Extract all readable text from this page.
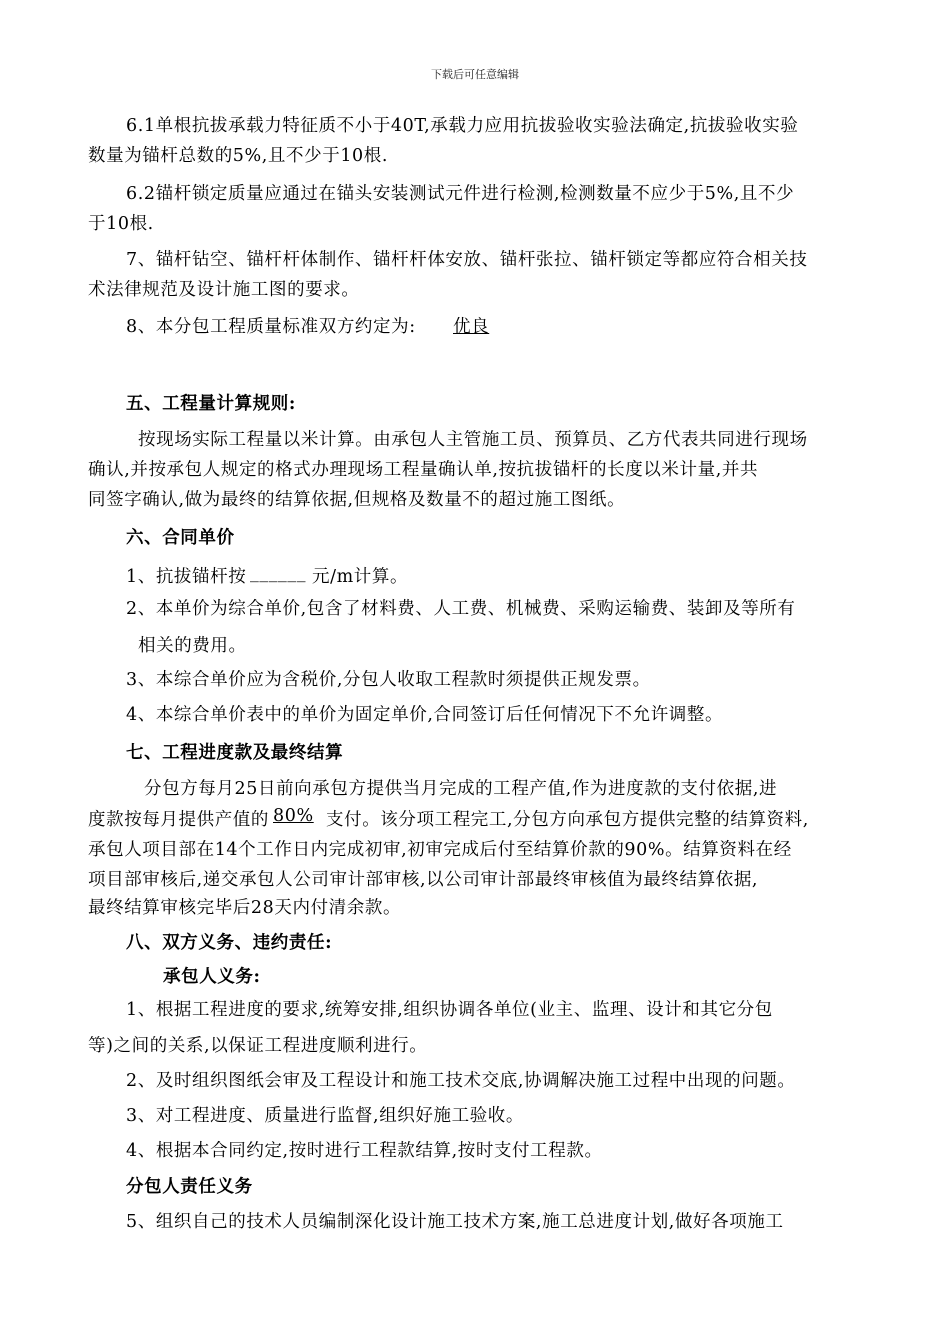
下载后可任意编辑
6.1单根抗拔承载力特征质不小于40T,承载力应用抗拔验收实验法确定,抗拔验收实验
数量为锚杆总数的5%,且不少于10根.
6.2锚杆锁定质量应通过在锚头安装测试元件进行检测,检测数量不应少于5%,且不少
于10根.
7、锚杆钻空、锚杆杆体制作、锚杆杆体安放、锚杆张拉、锚杆锁定等都应符合相关技
术法律规范及设计施工图的要求。
8、本分包工程质量标准双方约定为: 优良
五、工程量计算规则:
按现场实际工程量以米计算。由承包人主管施工员、预算员、乙方代表共同进行现场
确认,并按承包人规定的格式办理现场工程量确认单,按抗拔锚杆的长度以米计量,并共
同签字确认,做为最终的结算依据,但规格及数量不的超过施工图纸。
六、合同单价
1、抗拔锚杆按 ______ 元/m计算。
2、本单价为综合单价,包含了材料费、人工费、机械费、采购运输费、装卸及等所有
相关的费用。
3、本综合单价应为含税价,分包人收取工程款时须提供正规发票。
4、本综合单价表中的单价为固定单价,合同签订后任何情况下不允许调整。
七、工程进度款及最终结算
分包方每月25日前向承包方提供当月完成的工程产值,作为进度款的支付依据,进
度款按每月提供产值的 80% 支付。该分项工程完工,分包方向承包方提供完整的结算资料,
承包人项目部在14个工作日内完成初审,初审完成后付至结算价款的90%。结算资料在经
项目部审核后,递交承包人公司审计部审核,以公司审计部最终审核值为最终结算依据,
最终结算审核完毕后28天内付清余款。
八、双方义务、违约责任:
承包人义务:
1、根据工程进度的要求,统筹安排,组织协调各单位(业主、监理、设计和其它分包
等)之间的关系,以保证工程进度顺利进行。
2、及时组织图纸会审及工程设计和施工技术交底,协调解决施工过程中出现的问题。
3、对工程进度、质量进行监督,组织好施工验收。
4、根据本合同约定,按时进行工程款结算,按时支付工程款。
分包人责任义务
5、组织自己的技术人员编制深化设计施工技术方案,施工总进度计划,做好各项施工
